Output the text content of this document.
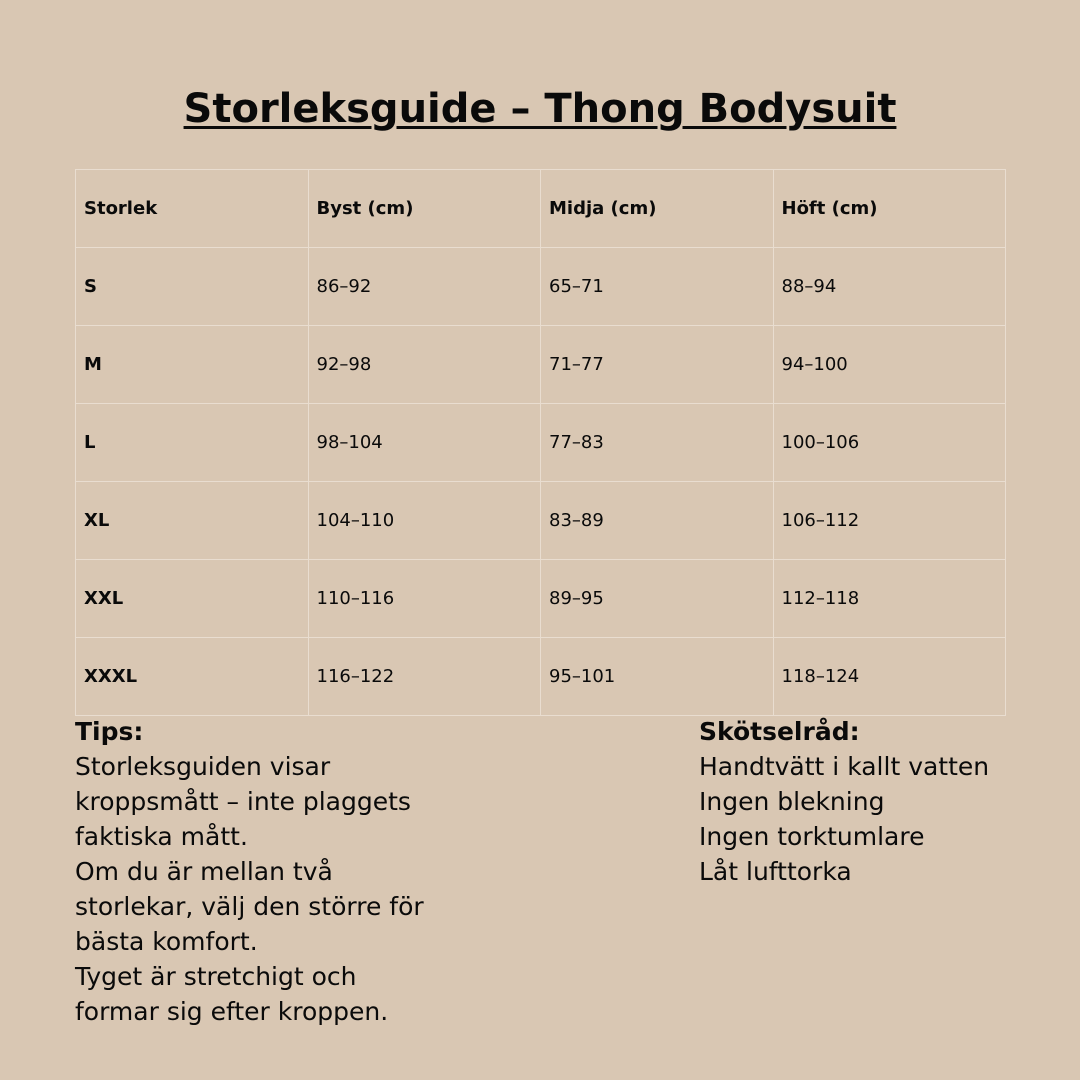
Storleksguide – Thong Bodysuit
Storlek	Byst (cm)	Midja (cm)	Höft (cm)
S	86–92	65–71	88–94
M	92–98	71–77	94–100
L	98–104	77–83	100–106
XL	104–110	83–89	106–112
XXL	110–116	89–95	112–118
XXXL	116–122	95–101	118–124

Tips:

Storleksguiden visar

kroppsmått – inte plaggets

faktiska mått.

Om du är mellan två

storlekar, välj den större för

bästa komfort.

Tyget är stretchigt och

formar sig efter kroppen.

Skötselråd:

Handtvätt i kallt vatten

Ingen blekning

Ingen torktumlare

Låt lufttorka
